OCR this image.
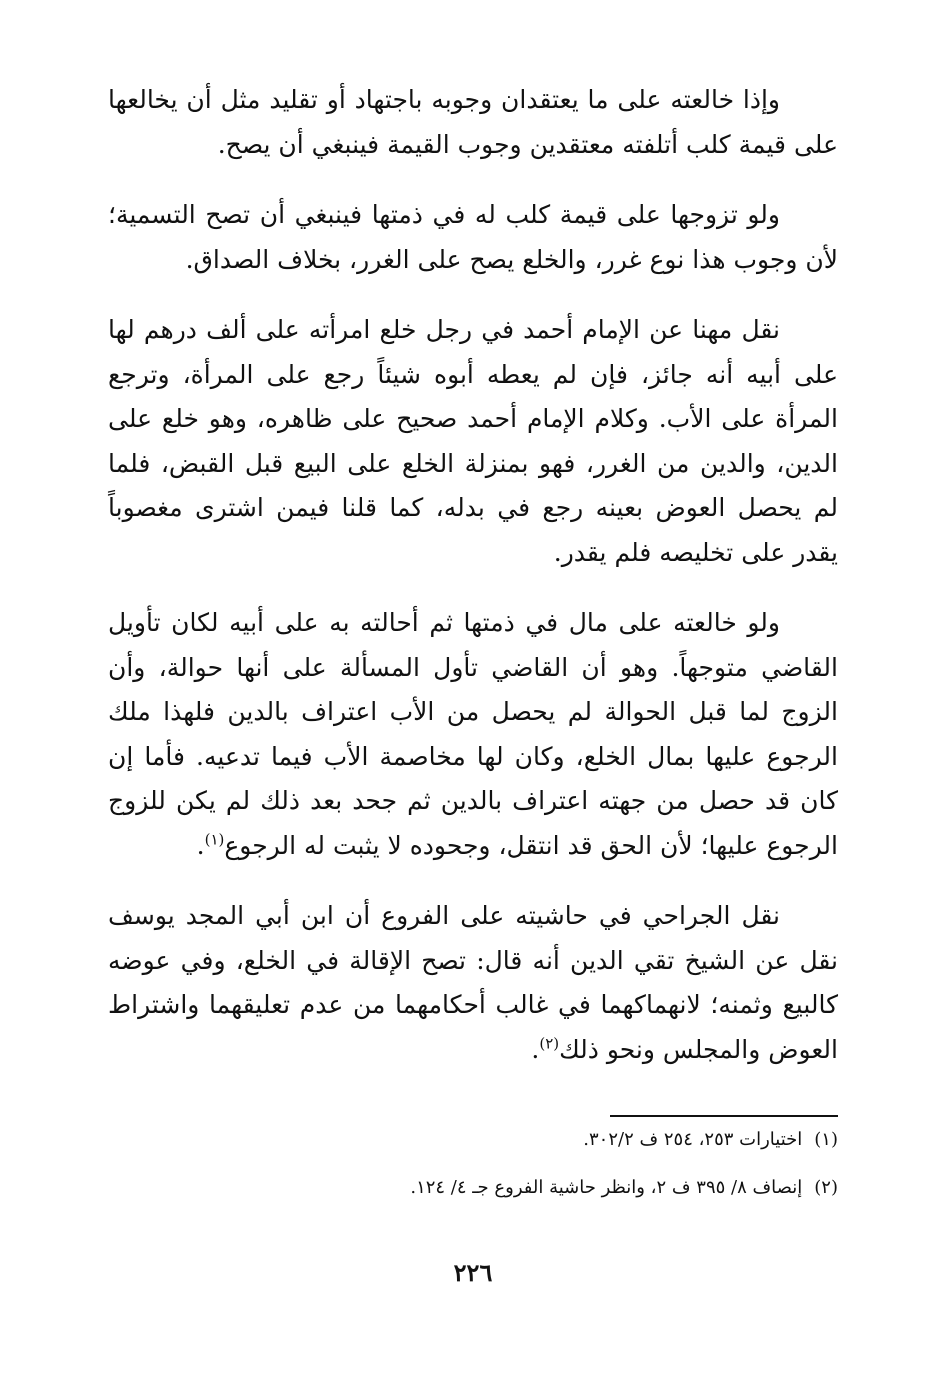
وإذا خالعته على ما يعتقدان وجوبه باجتهاد أو تقليد مثل أن يخالعها على قيمة كلب أتلفته معتقدين وجوب القيمة فينبغي أن يصح.

ولو تزوجها على قيمة كلب له في ذمتها فينبغي أن تصح التسمية؛ لأن وجوب هذا نوع غرر، والخلع يصح على الغرر، بخلاف الصداق.

نقل مهنا عن الإمام أحمد في رجل خلع امرأته على ألف درهم لها على أبيه أنه جائز، فإن لم يعطه أبوه شيئاً رجع على المرأة، وترجع المرأة على الأب. وكلام الإمام أحمد صحيح على ظاهره، وهو خلع على الدين، والدين من الغرر، فهو بمنزلة الخلع على البيع قبل القبض، فلما لم يحصل العوض بعينه رجع في بدله، كما قلنا فيمن اشترى مغصوباً يقدر على تخليصه فلم يقدر.

ولو خالعته على مال في ذمتها ثم أحالته به على أبيه لكان تأويل القاضي متوجهاً. وهو أن القاضي تأول المسألة على أنها حوالة، وأن الزوج لما قبل الحوالة لم يحصل من الأب اعتراف بالدين فلهذا ملك الرجوع عليها بمال الخلع، وكان لها مخاصمة الأب فيما تدعيه. فأما إن كان قد حصل من جهته اعتراف بالدين ثم جحد بعد ذلك لم يكن للزوج الرجوع عليها؛ لأن الحق قد انتقل، وجحوده لا يثبت له الرجوع$^{(١)}$.

نقل الجراحي في حاشيته على الفروع أن ابن أبي المجد يوسف نقل عن الشيخ تقي الدين أنه قال: تصح الإقالة في الخلع، وفي عوضه كالبيع وثمنه؛ لانهماكهما في غالب أحكامهما من عدم تعليقهما واشتراط العوض والمجلس ونحو ذلك$^{(٢)}$.

(١)
اختيارات ٢٥٣، ٢٥٤ ف ٣٠٢/٢.
(٢)
إنصاف ٨/ ٣٩٥ ف ٢، وانظر حاشية الفروع جـ ٤/ ١٢٤.
٢٢٦
